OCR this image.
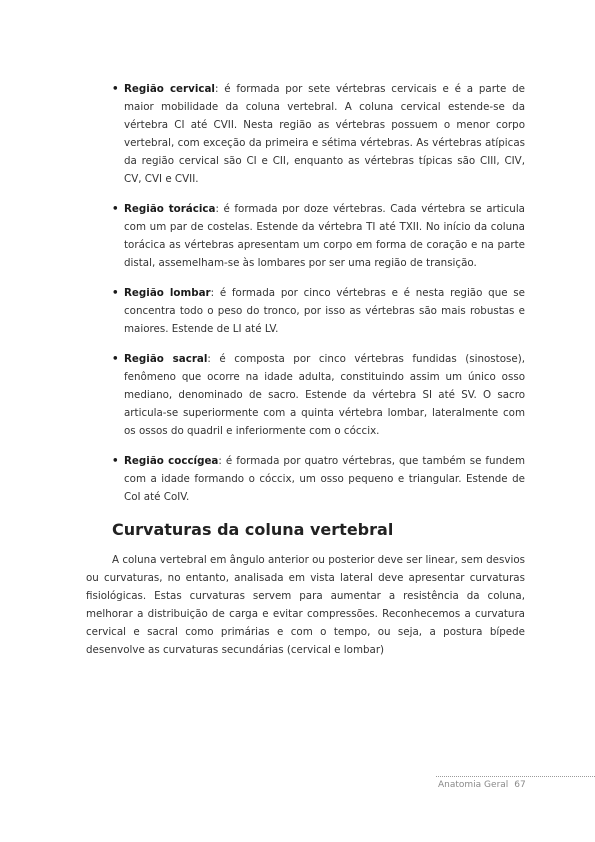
• Região cervical: é formada por sete vértebras cervicais e é a parte de maior mobilidade da coluna vertebral. A coluna cervical estende-se da vértebra CI até CVII. Nesta região as vértebras possuem o menor corpo vertebral, com exceção da primeira e sétima vértebras. As vértebras atípicas da região cervical são CI e CII, enquanto as vértebras típicas são CIII, CIV, CV, CVI e CVII.
• Região torácica: é formada por doze vértebras. Cada vértebra se articula com um par de costelas. Estende da vértebra TI até TXII. No início da coluna torácica as vértebras apresentam um corpo em forma de coração e na parte distal, assemelham-se às lombares por ser uma região de transição.
• Região lombar: é formada por cinco vértebras e é nesta região que se concentra todo o peso do tronco, por isso as vértebras são mais robustas e maiores. Estende de LI até LV.
• Região sacral: é composta por cinco vértebras fundidas (sinostose), fenômeno que ocorre na idade adulta, constituindo assim um único osso mediano, denominado de sacro. Estende da vértebra SI até SV. O sacro articula-se superiormente com a quinta vértebra lombar, lateralmente com os ossos do quadril e inferiormente com o cóccix.
• Região coccígea: é formada por quatro vértebras, que também se fundem com a idade formando o cóccix, um osso pequeno e triangular. Estende de CoI até CoIV.
Curvaturas da coluna vertebral

A coluna vertebral em ângulo anterior ou posterior deve ser linear, sem desvios ou curvaturas, no entanto, analisada em vista lateral deve apresentar curvaturas fisiológicas. Estas curvaturas servem para aumentar a resistência da coluna, melhorar a distribuição de carga e evitar compressões. Reconhecemos a curvatura cervical e sacral como primárias e com o tempo, ou seja, a postura bípede desenvolve as curvaturas secundárias (cervical e lombar)

Anatomia Geral 67
